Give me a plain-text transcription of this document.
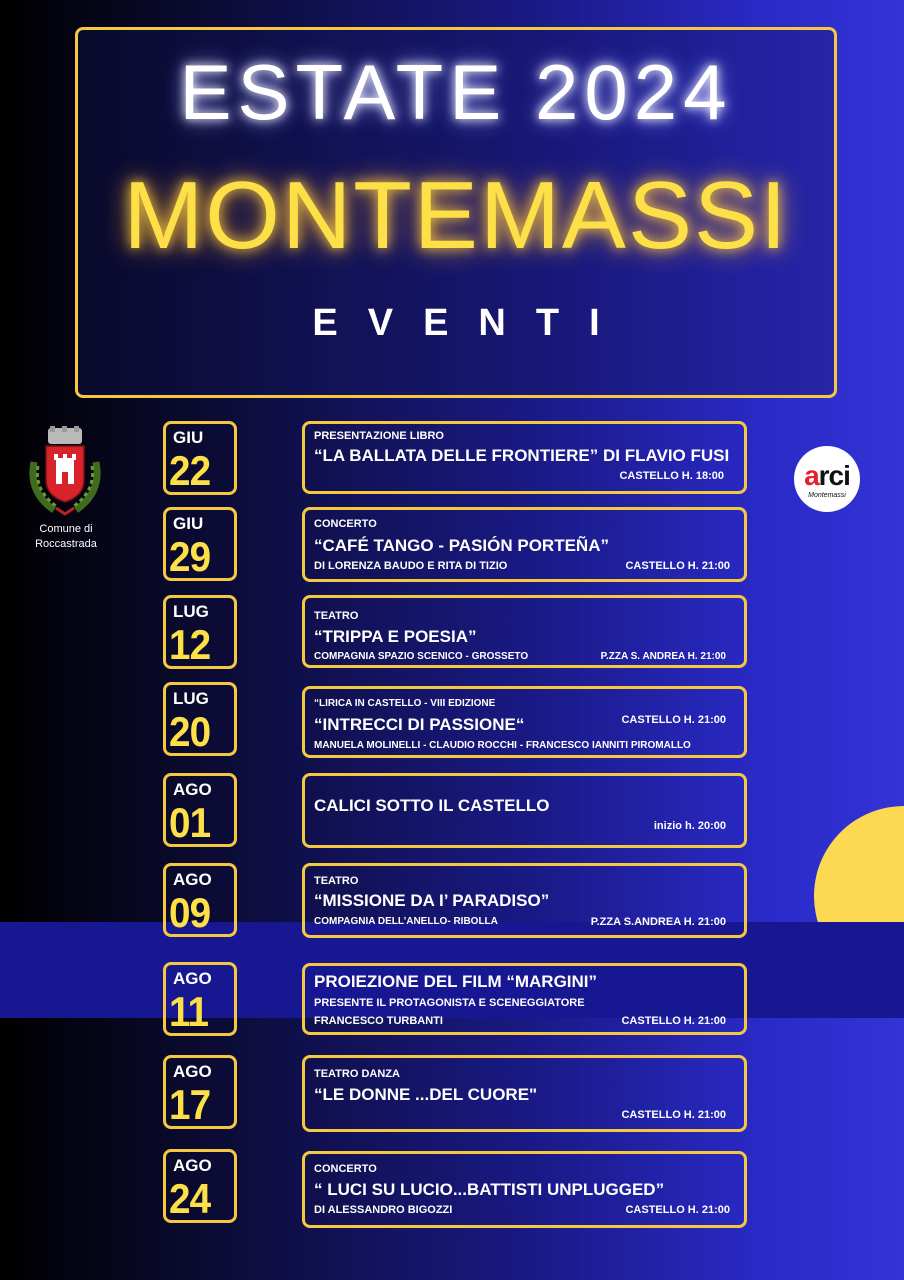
ESTATE 2024
MONTEMASSI
EVENTI
Comune di
Roccastrada
arci
Montemassi
GIU
22
PRESENTAZIONE LIBRO
“LA BALLATA DELLE FRONTIERE” DI FLAVIO FUSI
CASTELLO H. 18:00
GIU
29
CONCERTO
“CAFÉ TANGO - PASIÓN PORTEÑA”
DI LORENZA BAUDO E RITA DI TIZIO	CASTELLO H. 21:00
LUG
12
TEATRO
“TRIPPA E POESIA”
COMPAGNIA SPAZIO SCENICO - GROSSETO	P.ZZA S. ANDREA H. 21:00
LUG
20
“LIRICA IN CASTELLO - VIII EDIZIONE
“INTRECCI DI PASSIONE“	CASTELLO H. 21:00
MANUELA MOLINELLI - CLAUDIO ROCCHI - FRANCESCO IANNITI PIROMALLO
AGO
01	CALICI SOTTO IL CASTELLO
inizio h. 20:00
AGO
09
TEATRO
“MISSIONE DA I’ PARADISO”
COMPAGNIA DELL’ANELLO- RIBOLLA	P.ZZA S.ANDREA H. 21:00
AGO
11
PROIEZIONE DEL FILM “MARGINI”
PRESENTE IL PROTAGONISTA E SCENEGGIATORE
FRANCESCO TURBANTI	CASTELLO H. 21:00
AGO
17
TEATRO DANZA
“LE DONNE ...DEL CUORE"
CASTELLO H. 21:00
AGO
24
CONCERTO
“ LUCI SU LUCIO...BATTISTI UNPLUGGED”
DI ALESSANDRO BIGOZZI	CASTELLO H. 21:00
